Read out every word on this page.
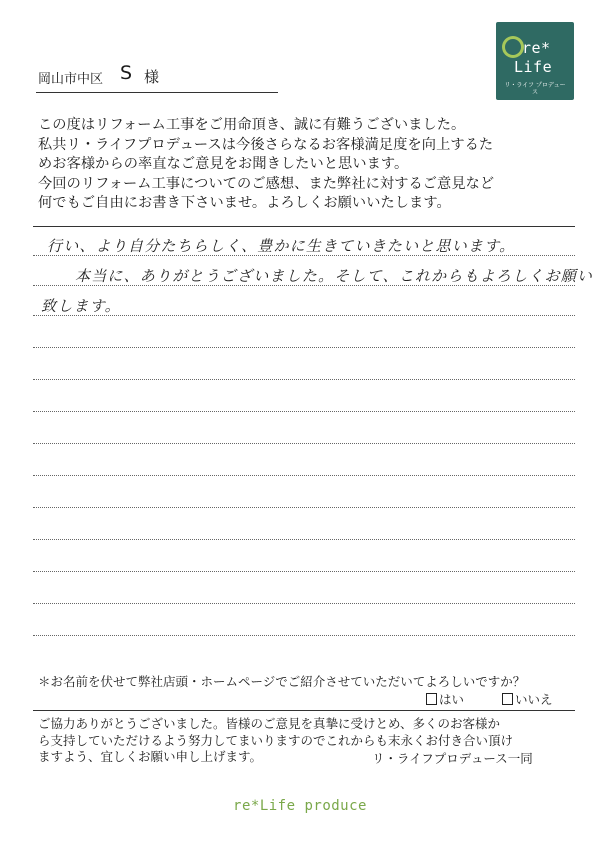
re*
Life
リ・ライフ プロデュース
岡山市中区 S 様
この度はリフォーム工事をご用命頂き、誠に有難うございました。
私共リ・ライフプロデュースは今後さらなるお客様満足度を向上するた
めお客様からの率直なご意見をお聞きしたいと思います。
今回のリフォーム工事についてのご感想、また弊社に対するご意見など
何でもご自由にお書き下さいませ。よろしくお願いいたします。
行い、より自分たちらしく、豊かに生きていきたいと思います。
本当に、ありがとうございました。そして、これからもよろしくお願い
致します。
＊お名前を伏せて弊社店頭・ホームページでご紹介させていただいてよろしいですか？
はい	いいえ
ご協力ありがとうございました。皆様のご意見を真摯に受けとめ、多くのお客様か
ら支持していただけるよう努力してまいりますのでこれからも末永くお付き合い頂け
ますよう、宜しくお願い申し上げます。	リ・ライフプロデュース一同
re*Life produce
